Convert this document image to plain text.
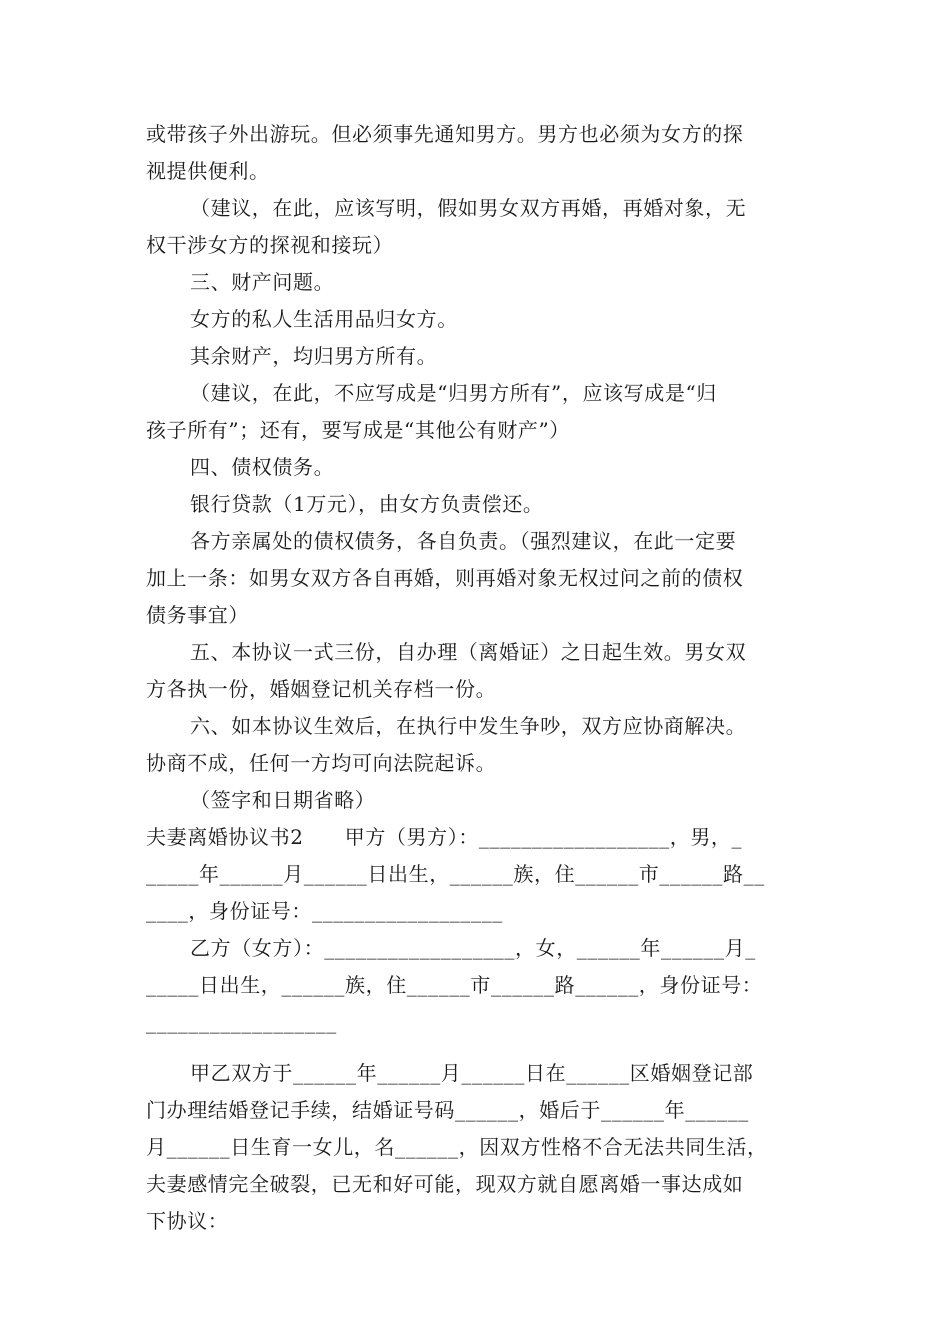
或带孩子外出游玩。但必须事先通知男方。男方也必须为女方的探

视提供便利。

（建议，在此，应该写明，假如男女双方再婚，再婚对象，无

权干涉女方的探视和接玩）

三、财产问题。

女方的私人生活用品归女方。

其余财产，均归男方所有。

（建议，在此，不应写成是“归男方所有”，应该写成是“归

孩子所有”；还有，要写成是“其他公有财产”）

四、债权债务。

银行贷款（1万元），由女方负责偿还。

各方亲属处的债权债务，各自负责。（强烈建议，在此一定要

加上一条：如男女双方各自再婚，则再婚对象无权过问之前的债权

债务事宜）

五、本协议一式三份，自办理（离婚证）之日起生效。男女双

方各执一份，婚姻登记机关存档一份。

六、如本协议生效后，在执行中发生争吵，双方应协商解决。

协商不成，任何一方均可向法院起诉。

（签字和日期省略）

夫妻离婚协议书2　　甲方（男方）：__________________，男，_

_____年______月______日出生，______族，住______市______路__

____，身份证号：__________________

乙方（女方）：__________________，女，______年______月_

_____日出生，______族，住______市______路______，身份证号：

__________________

甲乙双方于______年______月______日在______区婚姻登记部

门办理结婚登记手续，结婚证号码______，婚后于______年______

月______日生育一女儿，名______，因双方性格不合无法共同生活，

夫妻感情完全破裂，已无和好可能，现双方就自愿离婚一事达成如

下协议：
